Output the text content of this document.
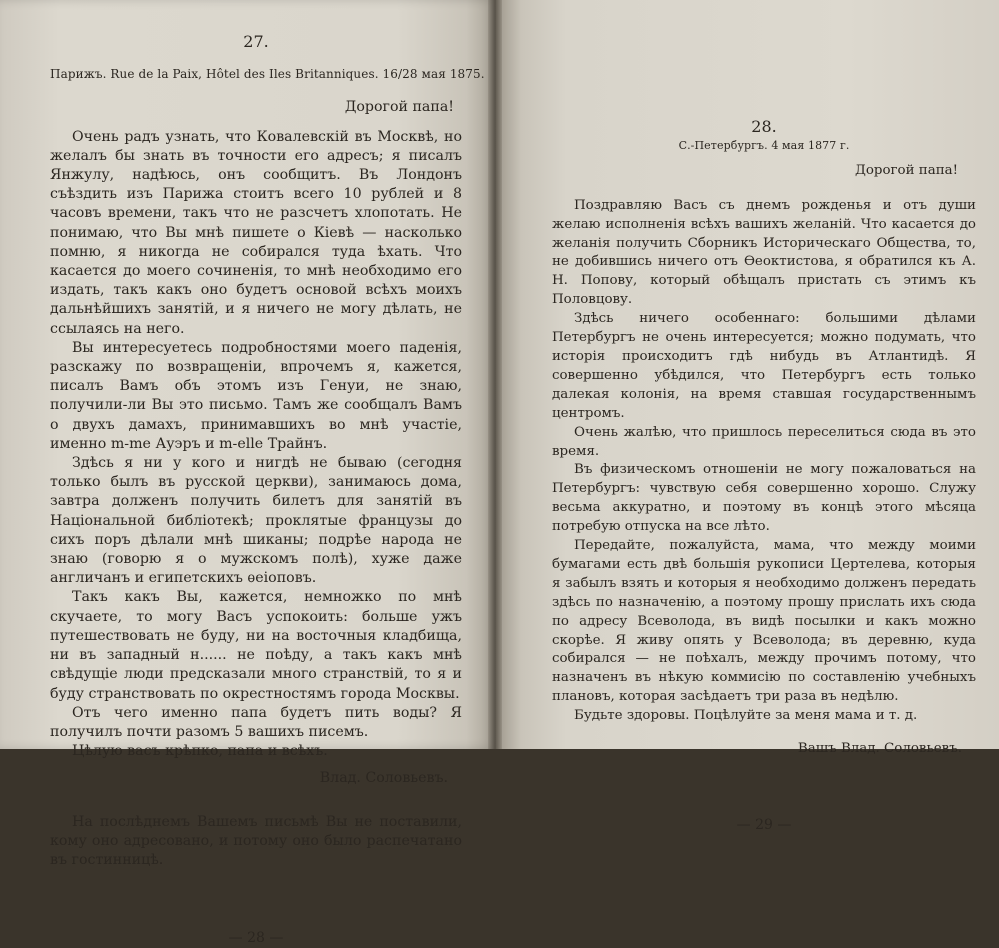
27.
Парижъ. Rue de la Paix, Hôtel des Iles Britanniques. 16/28 мая 1875.
Дорогой папа!

Очень радъ узнать, что Ковалевскій въ Москвѣ, но желалъ бы знать въ точности его адресъ; я писалъ Янжулу, надѣюсь, онъ сообщитъ. Въ Лондонъ съѣздить изъ Парижа стоитъ всего 10 рублей и 8 часовъ времени, такъ что не разсчетъ хлопотать. Не понимаю, что Вы мнѣ пишете о Кіевѣ — насколько помню, я никогда не собирался туда ѣхать. Что касается до моего сочиненія, то мнѣ необходимо его издать, такъ какъ оно будетъ основой всѣхъ моихъ дальнѣйшихъ занятій, и я ничего не могу дѣлать, не ссылаясь на него.

Вы интересуетесь подробностями моего паденія, разскажу по возвращеніи, впрочемъ я, кажется, писалъ Вамъ объ этомъ изъ Генуи, не знаю, получили-ли Вы это письмо. Тамъ же сообщалъ Вамъ о двухъ дамахъ, принимавшихъ во мнѣ участіе, именно m-me Ауэръ и m-elle Трайнъ.

Здѣсь я ни у кого и нигдѣ не бываю (сегодня только былъ въ русской церкви), занимаюсь дома, завтра долженъ получить билетъ для занятій въ Національной библіотекѣ; проклятые французы до сихъ поръ дѣлали мнѣ шиканы; подрѣе народа не знаю (говорю я о мужскомъ полѣ), хуже даже англичанъ и египетскихъ ѳеіоповъ.

Такъ какъ Вы, кажется, немножко по мнѣ скучаете, то могу Васъ успокоить: больше ужъ путешествовать не буду, ни на восточныя кладбища, ни въ западный н...... не поѣду, а такъ какъ мнѣ свѣдущіе люди предсказали много странствій, то я и буду странствовать по окрестностямъ города Москвы.

Отъ чего именно папа будетъ пить воды? Я получилъ почти разомъ 5 вашихъ писемъ.

Цѣлую васъ крѣпко, папа и всѣхъ.

Влад. Соловьевъ.

На послѣднемъ Вашемъ письмѣ Вы не поставили, кому оно адресовано, и потому оно было распечатано въ гостинницѣ.

— 28 —
28.
С.-Петербургъ. 4 мая 1877 г.
Дорогой папа!

Поздравляю Васъ съ днемъ рожденья и отъ души желаю исполненія всѣхъ вашихъ желаній. Что касается до желанія получить Сборникъ Историческаго Общества, то, не добившись ничего отъ Ѳеоктистова, я обратился къ А. Н. Попову, который обѣщалъ пристать съ этимъ къ Половцову.

Здѣсь ничего особеннаго: большими дѣлами Петербургъ не очень интересуется; можно подумать, что исторія происходитъ гдѣ нибудь въ Атлантидѣ. Я совершенно убѣдился, что Петербургъ есть только далекая колонія, на время ставшая государственнымъ центромъ.

Очень жалѣю, что пришлось переселиться сюда въ это время.

Въ физическомъ отношеніи не могу пожаловаться на Петербургъ: чувствую себя совершенно хорошо. Служу весьма аккуратно, и поэтому въ концѣ этого мѣсяца потребую отпуска на все лѣто.

Передайте, пожалуйста, мама, что между моими бумагами есть двѣ большія рукописи Цертелева, которыя я забылъ взять и которыя я необходимо долженъ передать здѣсь по назначенію, а поэтому прошу прислать ихъ сюда по адресу Всеволода, въ видѣ посылки и какъ можно скорѣе. Я живу опять у Всеволода; въ деревню, куда собирался — не поѣхалъ, между прочимъ потому, что назначенъ въ нѣкую коммисію по составленію учебныхъ плановъ, которая засѣдаетъ три раза въ недѣлю.

Будьте здоровы. Поцѣлуйте за меня мама и т. д.

Вашъ Влад. Соловьевъ.
— 29 —
